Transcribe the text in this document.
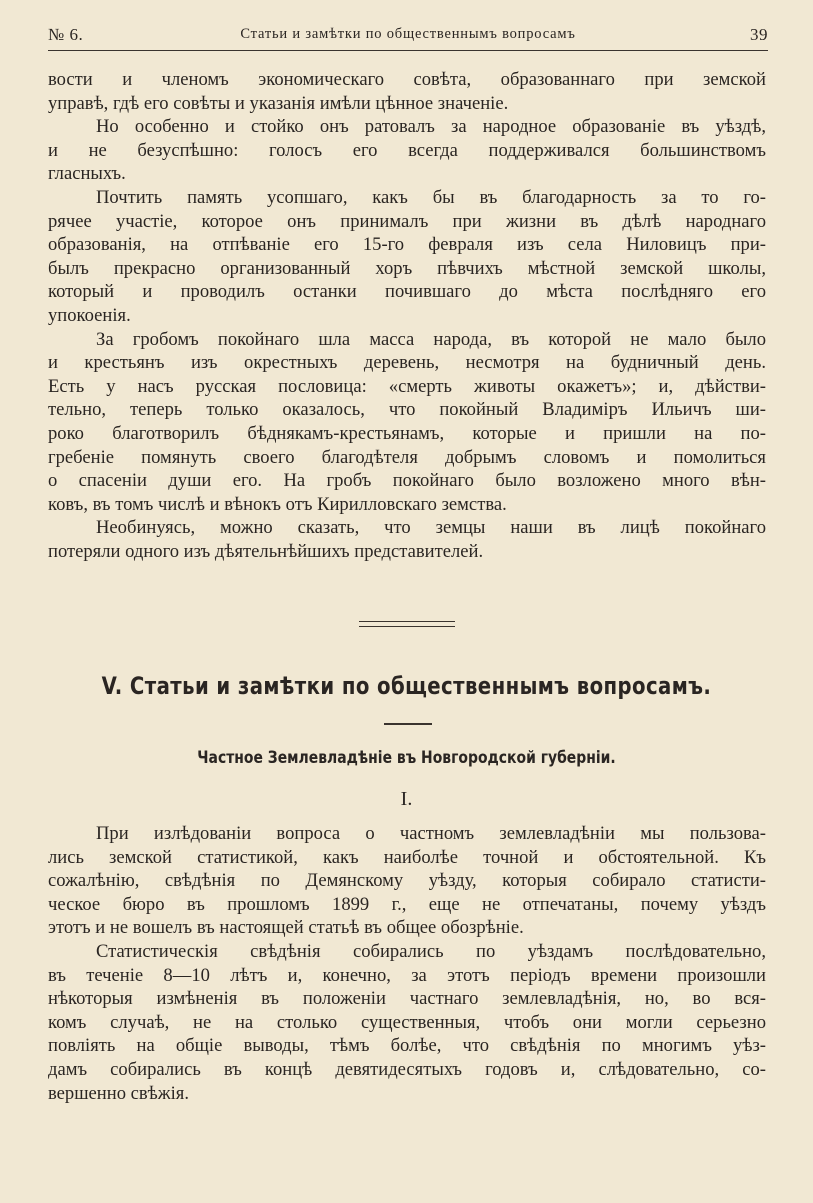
№ 6.	Статьи и замѣтки по общественнымъ вопросамъ	39
вости и членомъ экономическаго совѣта, образованнаго при земской
управѣ, гдѣ его совѣты и указанія имѣли цѣнное значеніе.
Но особенно и стойко онъ ратовалъ за народное образованіе въ уѣздѣ,
и не безуспѣшно: голосъ его всегда поддерживался большинствомъ
гласныхъ.
Почтить память усопшаго, какъ бы въ благодарность за то го-
рячее участіе, которое онъ принималъ при жизни въ дѣлѣ народнаго
образованія, на отпѣваніе его 15-го февраля изъ села Ниловицъ при-
былъ прекрасно организованный хоръ пѣвчихъ мѣстной земской школы,
который и проводилъ останки почившаго до мѣста послѣдняго его
упокоенія.
За гробомъ покойнаго шла масса народа, въ которой не мало было
и крестьянъ изъ окрестныхъ деревень, несмотря на будничный день.
Есть у насъ русская пословица: «смерть животы окажетъ»; и, дѣйстви-
тельно, теперь только оказалось, что покойный Владиміръ Ильичъ ши-
роко благотворилъ бѣднякамъ-крестьянамъ, которые и пришли на по-
гребеніе помянуть своего благодѣтеля добрымъ словомъ и помолиться
о спасеніи души его. На гробъ покойнаго было возложено много вѣн-
ковъ, въ томъ числѣ и вѣнокъ отъ Кирилловскаго земства.
Необинуясь, можно сказать, что земцы наши въ лицѣ покойнаго
потеряли одного изъ дѣятельнѣйшихъ представителей.
V. Статьи и замѣтки по общественнымъ вопросамъ.
Частное Землевладѣніе въ Новгородской губерніи.
I.
При излѣдованіи вопроса о частномъ землевладѣніи мы пользова-
лись земской статистикой, какъ наиболѣе точной и обстоятельной. Къ
сожалѣнію, свѣдѣнія по Демянскому уѣзду, которыя собирало статисти-
ческое бюро въ прошломъ 1899 г., еще не отпечатаны, почему уѣздъ
этотъ и не вошелъ въ настоящей статьѣ въ общее обозрѣніе.
Статистическія свѣдѣнія собирались по уѣздамъ послѣдовательно,
въ теченіе 8—10 лѣтъ и, конечно, за этотъ періодъ времени произошли
нѣкоторыя измѣненія въ положеніи частнаго землевладѣнія, но, во вся-
комъ случаѣ, не на столько существенныя, чтобъ они могли серьезно
повліять на общіе выводы, тѣмъ болѣе, что свѣдѣнія по многимъ уѣз-
дамъ собирались въ концѣ девятидесятыхъ годовъ и, слѣдовательно, со-
вершенно свѣжія.
